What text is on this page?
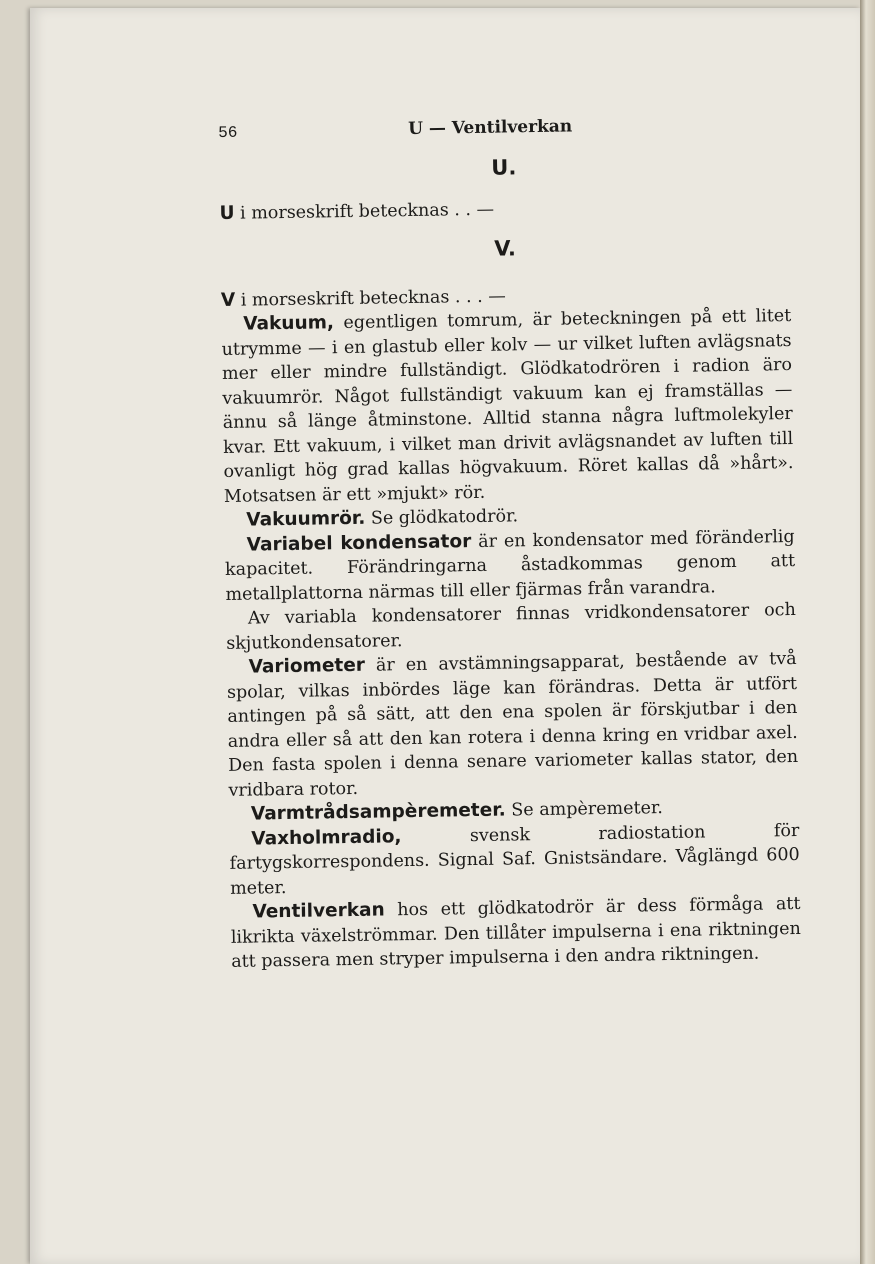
56	U — Ventilverkan
U.

U i morseskrift betecknas . . —

V.

V i morseskrift betecknas . . . —

Vakuum, egentligen tomrum, är beteckningen på ett litet utrymme — i en glastub eller kolv — ur vilket luften avlägsnats mer eller mindre fullständigt. Glödkatodrören i radion äro vakuumrör. Något fullständigt vakuum kan ej framställas — ännu så länge åtminstone. Alltid stanna några luftmolekyler kvar. Ett vakuum, i vilket man drivit avlägsnandet av luften till ovanligt hög grad kallas högvakuum. Röret kallas då »hårt». Motsatsen är ett »mjukt» rör.

Vakuumrör. Se glödkatodrör.

Variabel kondensator är en kondensator med föränderlig kapacitet. Förändringarna åstadkommas genom att metallplattorna närmas till eller fjärmas från varandra.

Av variabla kondensatorer finnas vridkondensatorer och skjutkondensatorer.

Variometer är en avstämningsapparat, bestående av två spolar, vilkas inbördes läge kan förändras. Detta är utfört antingen på så sätt, att den ena spolen är förskjutbar i den andra eller så att den kan rotera i denna kring en vridbar axel. Den fasta spolen i denna senare variometer kallas stator, den vridbara rotor.

Varmtrådsampèremeter. Se ampèremeter.

Vaxholmradio, svensk radiostation för fartygskorrespondens. Signal Saf. Gnistsändare. Våglängd 600 meter.

Ventilverkan hos ett glödkatodrör är dess förmåga att likrikta växelströmmar. Den tillåter impulserna i ena riktningen att passera men stryper impulserna i den andra riktningen.
